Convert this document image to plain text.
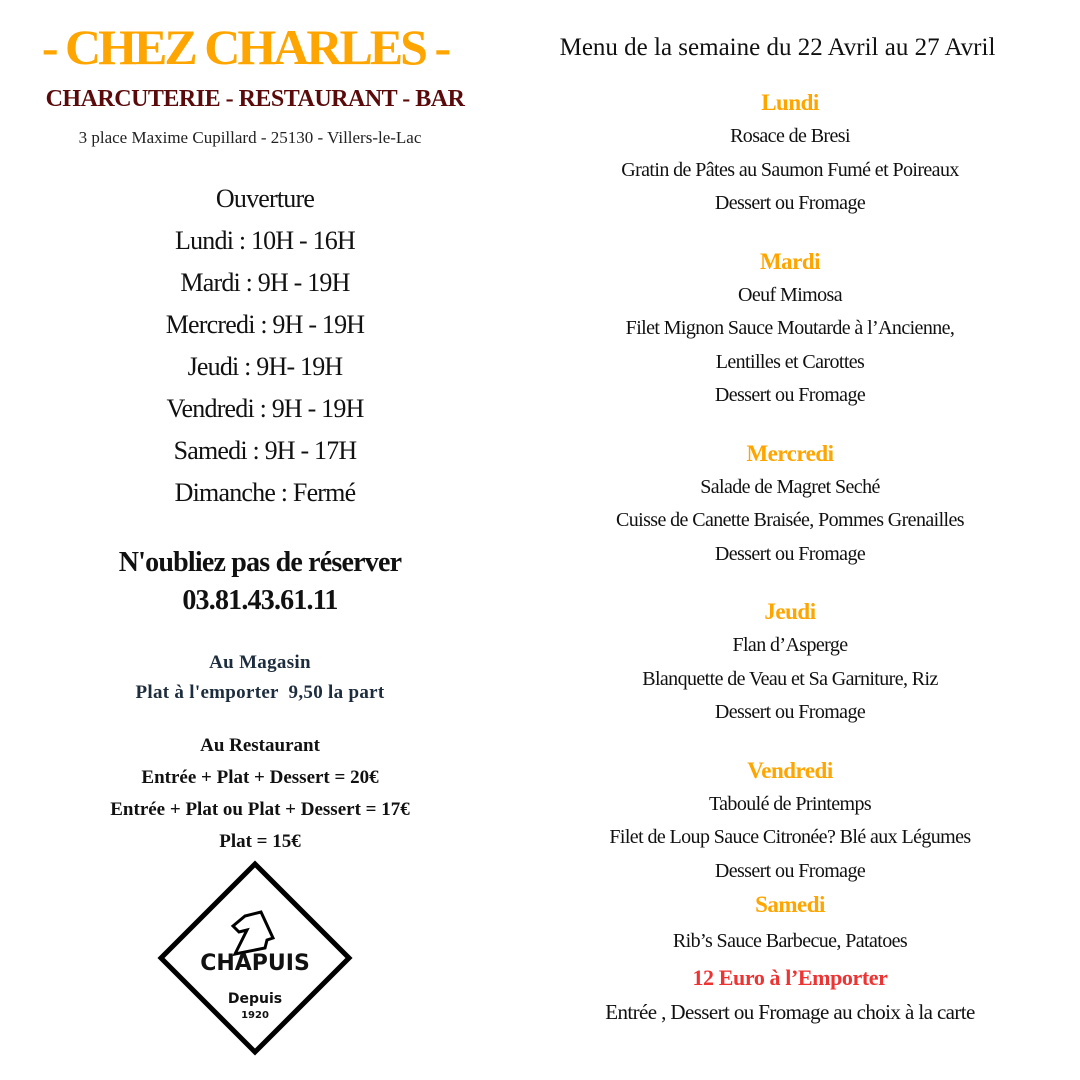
- CHEZ CHARLES -
CHARCUTERIE - RESTAURANT - BAR
3 place Maxime Cupillard - 25130 - Villers-le-Lac
Ouverture
Lundi : 10H - 16H
Mardi : 9H - 19H
Mercredi : 9H - 19H
Jeudi : 9H- 19H
Vendredi : 9H - 19H
Samedi : 9H - 17H
Dimanche : Fermé
N'oubliez pas de réserver
03.81.43.61.11
Au Magasin
Plat à l'emporter  9,50 la part
Au Restaurant
Entrée + Plat + Dessert = 20€
Entrée + Plat ou Plat + Dessert = 17€
Plat = 15€
CHAPUIS
Depuis
1920
Menu de la semaine du 22 Avril au 27 Avril
Lundi
Rosace de Bresi
Gratin de Pâtes au Saumon Fumé et Poireaux
Dessert ou Fromage
Mardi
Oeuf Mimosa
Filet Mignon Sauce Moutarde à l’Ancienne,
Lentilles et Carottes
Dessert ou Fromage
Mercredi
Salade de Magret Seché
Cuisse de Canette Braisée, Pommes Grenailles
Dessert ou Fromage
Jeudi
Flan d’Asperge
Blanquette de Veau et Sa Garniture, Riz
Dessert ou Fromage
Vendredi
Taboulé de Printemps
Filet de Loup Sauce Citronée? Blé aux Légumes
Dessert ou Fromage
Samedi
Rib’s Sauce Barbecue, Patatoes
12 Euro à l’Emporter
Entrée , Dessert ou Fromage au choix à la carte
